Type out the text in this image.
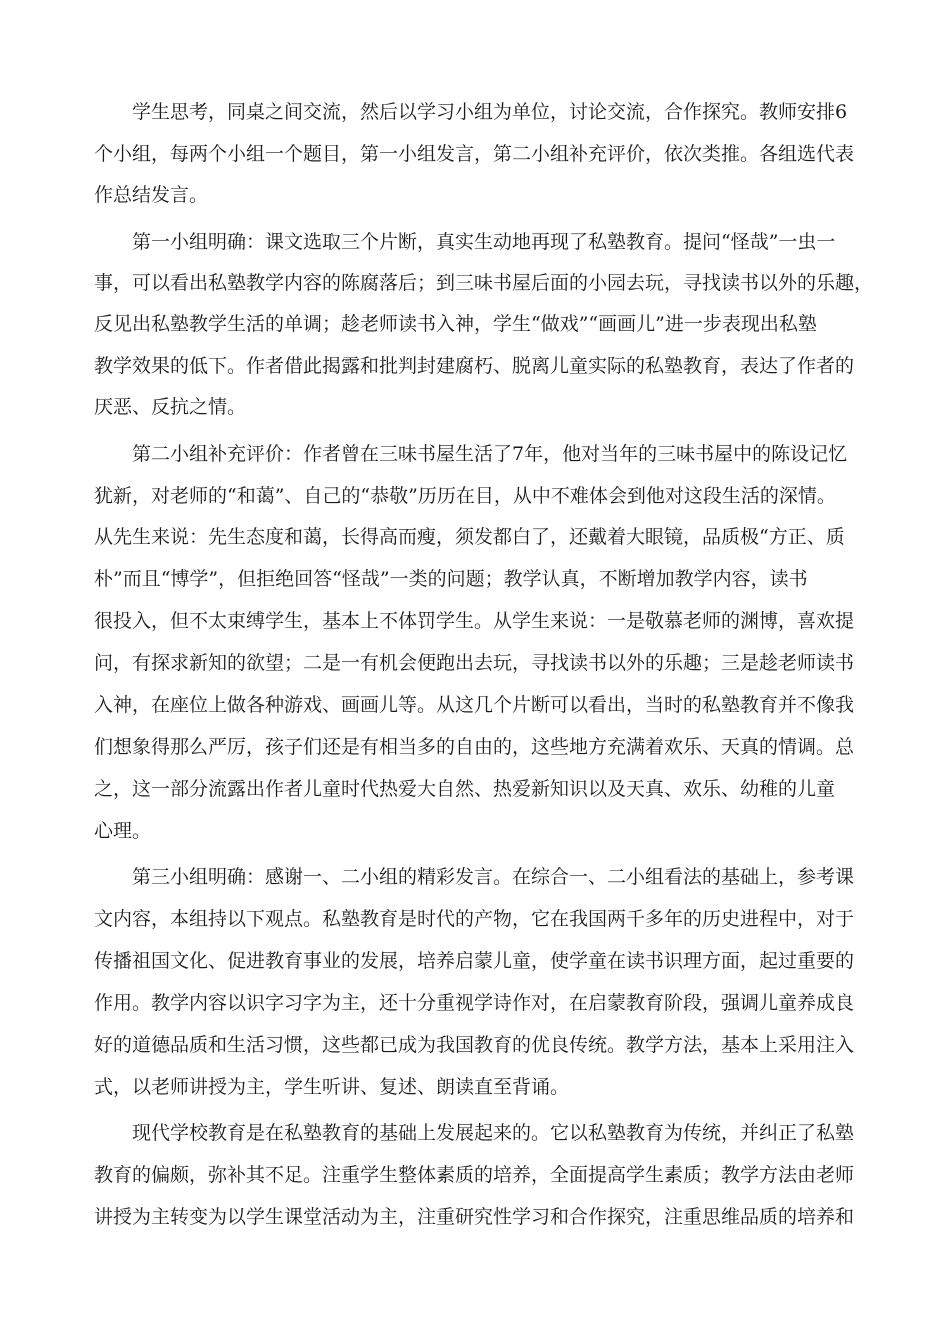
学生思考，同桌之间交流，然后以学习小组为单位，讨论交流，合作探究。教师安排6
个小组，每两个小组一个题目，第一小组发言，第二小组补充评价，依次类推。各组选代表
作总结发言。
第一小组明确：课文选取三个片断，真实生动地再现了私塾教育。提问“怪哉”一虫一
事，可以看出私塾教学内容的陈腐落后；到三味书屋后面的小园去玩，寻找读书以外的乐趣，
反见出私塾教学生活的单调；趁老师读书入神，学生“做戏”“画画儿”进一步表现出私塾
教学效果的低下。作者借此揭露和批判封建腐朽、脱离儿童实际的私塾教育，表达了作者的
厌恶、反抗之情。
第二小组补充评价：作者曾在三味书屋生活了7年，他对当年的三味书屋中的陈设记忆
犹新，对老师的“和蔼”、自己的“恭敬”历历在目，从中不难体会到他对这段生活的深情。
从先生来说：先生态度和蔼，长得高而瘦，须发都白了，还戴着大眼镜，品质极“方正、质
朴”而且“博学”，但拒绝回答“怪哉”一类的问题；教学认真，不断增加教学内容，读书
很投入，但不太束缚学生，基本上不体罚学生。从学生来说：一是敬慕老师的渊博，喜欢提
问，有探求新知的欲望；二是一有机会便跑出去玩，寻找读书以外的乐趣；三是趁老师读书
入神，在座位上做各种游戏、画画儿等。从这几个片断可以看出，当时的私塾教育并不像我
们想象得那么严厉，孩子们还是有相当多的自由的，这些地方充满着欢乐、天真的情调。总
之，这一部分流露出作者儿童时代热爱大自然、热爱新知识以及天真、欢乐、幼稚的儿童
心理。
第三小组明确：感谢一、二小组的精彩发言。在综合一、二小组看法的基础上，参考课
文内容，本组持以下观点。私塾教育是时代的产物，它在我国两千多年的历史进程中，对于
传播祖国文化、促进教育事业的发展，培养启蒙儿童，使学童在读书识理方面，起过重要的
作用。教学内容以识字习字为主，还十分重视学诗作对，在启蒙教育阶段，强调儿童养成良
好的道德品质和生活习惯，这些都已成为我国教育的优良传统。教学方法，基本上采用注入
式，以老师讲授为主，学生听讲、复述、朗读直至背诵。
现代学校教育是在私塾教育的基础上发展起来的。它以私塾教育为传统，并纠正了私塾
教育的偏颇，弥补其不足。注重学生整体素质的培养，全面提高学生素质；教学方法由老师
讲授为主转变为以学生课堂活动为主，注重研究性学习和合作探究，注重思维品质的培养和
